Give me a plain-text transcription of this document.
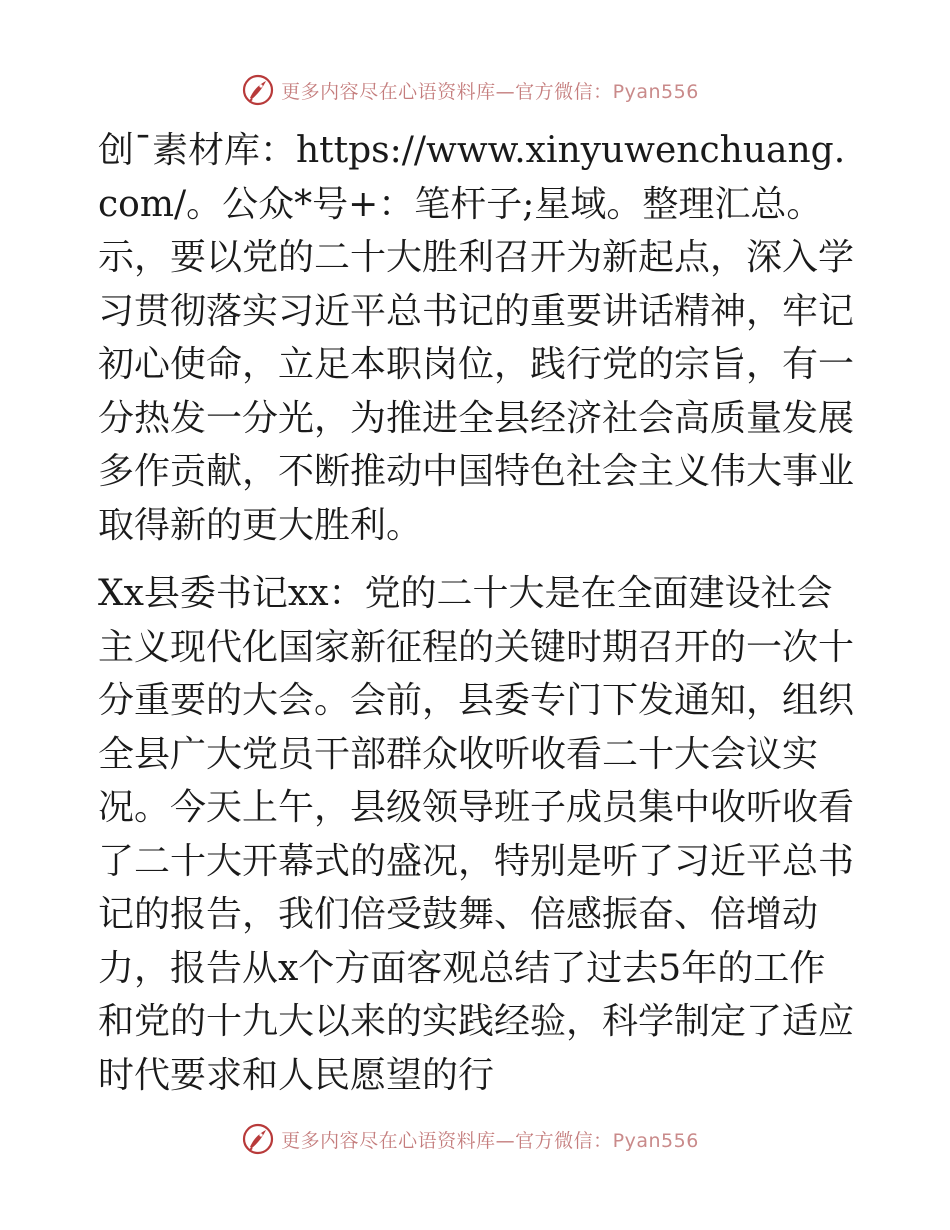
更多内容尽在心语资料库—官方微信：Pyan556

创¯素材库：https://www.xinyuwenchuang.com/。公众*号+：笔杆子;星域。整理汇总。示，要以党的二十大胜利召开为新起点，深入学习贯彻落实习近平总书记的重要讲话精神，牢记初心使命，立足本职岗位，践行党的宗旨，有一分热发一分光，为推进全县经济社会高质量发展多作贡献，不断推动中国特色社会主义伟大事业取得新的更大胜利。

Xx县委书记xx：党的二十大是在全面建设社会主义现代化国家新征程的关键时期召开的一次十分重要的大会。会前，县委专门下发通知，组织全县广大党员干部群众收听收看二十大会议实况。今天上午，县级领导班子成员集中收听收看了二十大开幕式的盛况，特别是听了习近平总书记的报告，我们倍受鼓舞、倍感振奋、倍增动力，报告从x个方面客观总结了过去5年的工作和党的十九大以来的实践经验，科学制定了适应时代要求和人民愿望的行

更多内容尽在心语资料库—官方微信：Pyan556
